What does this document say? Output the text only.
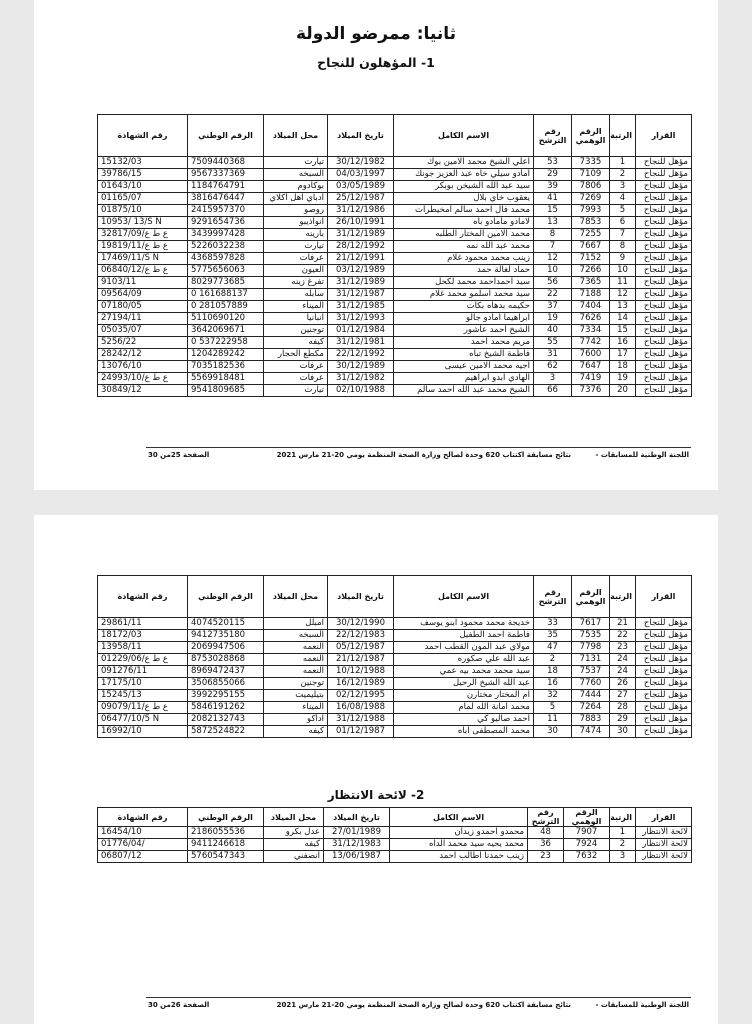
ثانيا: ممرضو الدولة
1- المؤهلون للنجاح
القرار	الرتبة	الرقم الوهمي	رقم الترشح	الاسم الكامل	تاريخ الميلاد	محل الميلاد	الرقم الوطني	رقم الشهادة
مؤهل للنجاح	1	7335	53	اعلي الشيخ محمد الامين بوك	30/12/1982	تيارت	7509440368	15132/03
مؤهل للنجاح	2	7109	29	آمادو سيلي خاه عبد العزيز جونك	04/03/1997	السبخه	9567337369	39786/15
مؤهل للنجاح	3	7806	39	سيد عبد الله الشيخن بوبكر	03/05/1989	بوكادوم	1184764791	01643/10
مؤهل للنجاح	4	7269	41	يعقوب خاي بلال	25/12/1987	ادباي اهل اكلاي	3816476447	01165/07
مؤهل للنجاح	5	7993	15	محمد فال احمد سالم امخيطرات	31/12/1986	روصو	2415957370	01875/10
مؤهل للنجاح	6	7853	13	لامادو مامادو باه	26/10/1991	انواذيبو	9291654736	10953/ 13/S N
مؤهل للنجاح	7	7255	8	محمد الامين المختار الطلبه	31/12/1989	بارينه	3439997428	32817/09/ع ط ع
مؤهل للنجاح	8	7667	7	محمد عبد الله نمه	28/12/1992	تيارت	5226032238	19819/11/ع ط ع
مؤهل للنجاح	9	7152	12	زينب محمد محمود غلام	21/12/1991	عرفات	4368597828	17469/11/S N
مؤهل للنجاح	10	7266	10	حماد لغالة حمد	03/12/1989	العيون	5775656063	06840/12/ع ط ع
مؤهل للنجاح	11	7365	56	سيد احمداحمد محمد لكحل	31/12/1989	تفرغ زينه	8029773685	9103/11
مؤهل للنجاح	12	7188	22	سيد محمد اسلمو محمد غلام	31/12/1987	سابله	0 161688137	09564/09
مؤهل للنجاح	13	7404	37	حكيمه بدهاه بكات	31/12/1985	الميناء	0 281057889	07180/05
مؤهل للنجاح	14	7626	19	ابراهيما آمادو جالو	31/12/1993	انبانيا	5110690120	27194/11
مؤهل للنجاح	15	7334	40	الشيخ احمد عاشور	01/12/1984	توجنين	3642069671	05035/07
مؤهل للنجاح	16	7742	55	مريم محمد احمد	31/12/1981	كيفه	0 537222958	5256/22
مؤهل للنجاح	17	7600	31	فاطمة الشيخ تباه	22/12/1992	مكطع الحجار	1204289242	28242/12
مؤهل للنجاح	18	7647	62	اجيه محمد الامين عيسى	30/12/1989	عرفات	7035182536	13076/10
مؤهل للنجاح	19	7419	3	الهادي ابدو ابراهيم	31/12/1982	عرفات	5569918481	24993/10/ع ط ع
مؤهل للنجاح	20	7376	66	الشيخ محمد عبد الله احمد سالم	02/10/1988	تيارت	9541809685	30849/12
اللجنة الوطنية للمسابقات -
نتائج مسابقة اكتتاب 620 وحدة لصالح وزارة الصحة المنظمة يومي 20-21 مارس 2021
الصفحة 25من 30
القرار	الرتبة	الرقم الوهمي	رقم الترشح	الاسم الكامل	تاريخ الميلاد	محل الميلاد	الرقم الوطني	رقم الشهادة
مؤهل للنجاح	21	7617	33	خديجة محمد محمود ابنو يوسف	30/12/1990	امبلل	4074520115	29861/11
مؤهل للنجاح	22	7535	35	فاطمة احمد الطفيل	22/12/1983	السبخه	9412735180	18172/03
مؤهل للنجاح	23	7798	47	مولاي عبد المون القطب احمد	05/12/1987	النعمه	2069947506	13958/11
مؤهل للنجاح	24	7131	2	عبد الله علي صكوره	21/12/1987	النعمه	8753028868	01229/ع ط ع/06
مؤهل للنجاح	24	7537	18	سيد محمد محمد بيه عمي	10/12/1988	النعمه	8969472437	091276/11
مؤهل للنجاح	26	7760	16	عبد الله الشيخ الرحيل	16/12/1989	توجنين	3506855066	17175/10
مؤهل للنجاح	27	7444	32	ام المختار مختارن	02/12/1995	بتيليميت	3992295155	15245/13
مؤهل للنجاح	28	7264	5	محمد امانة الله لمام	16/08/1988	الميناء	5846191262	09079/11/ع ط ع
مؤهل للنجاح	29	7883	11	احمد صاليو كي	31/12/1988	اداكو	2082132743	06477/10/5 N
مؤهل للنجاح	30	7474	30	محمد المصطفى اباه	01/12/1987	كيفه	5872524822	16992/10
2- لائحة الانتظار
القرار	الرتبة	الرقم الوهمي	رقم الترشح	الاسم الكامل	تاريخ الميلاد	محل الميلاد	الرقم الوطني	رقم الشهادة
لائحة الانتظار	1	7907	48	محمدو احمدو زيدان	27/01/1989	عدل بكرو	2186055536	16454/10
لائحة الانتظار	2	7924	36	محمد يحيه سيد محمد الداه	31/12/1983	كيفه	9411246618	01776/04/
لائحة الانتظار	3	7632	23	زينب حمدنا اطالب احمد	13/06/1987	انصفني	5760547343	06807/12
اللجنة الوطنية للمسابقات -
نتائج مسابقة اكتتاب 620 وحدة لصالح وزارة الصحة المنظمة يومي 20-21 مارس 2021
الصفحة 26من 30
